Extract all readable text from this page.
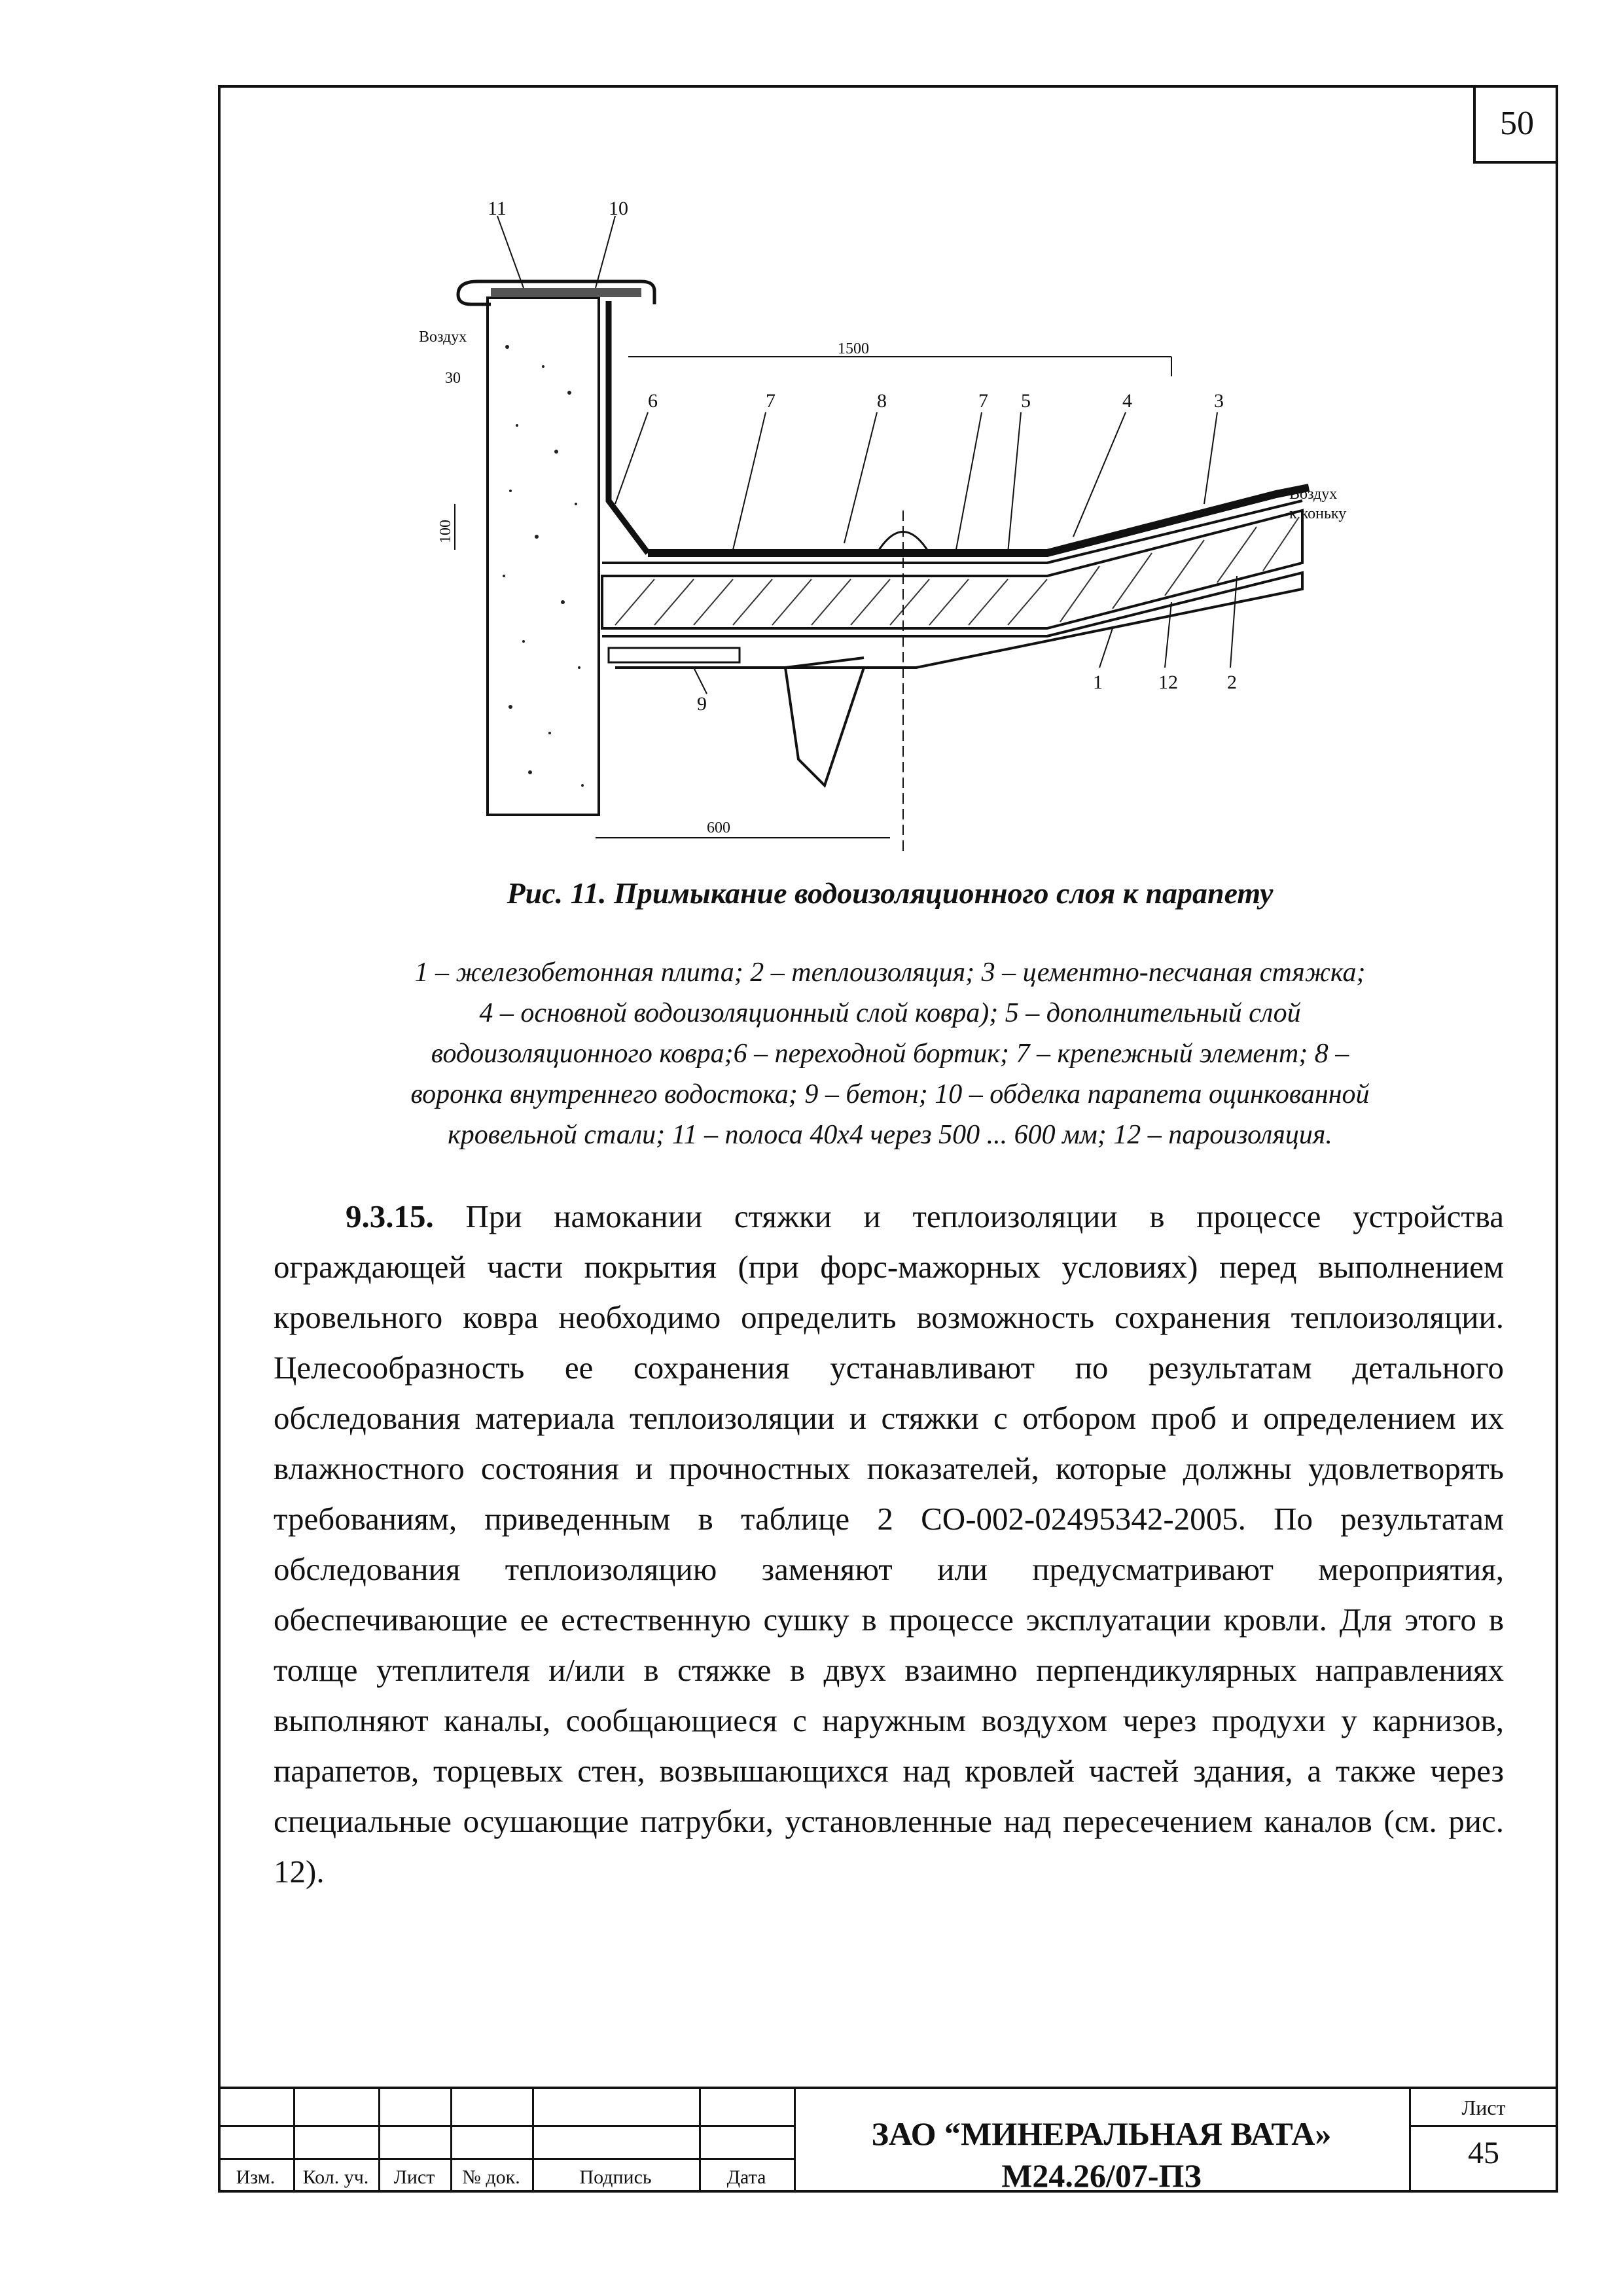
50
11	10
6	7	8	7 5	4	3
1	12	2
9
Воздух
Воздух
к коньку
1500
30
100
600
Рис. 11. Примыкание водоизоляционного слоя к парапету
1 – железобетонная плита; 2 – теплоизоляция; 3 – цементно-песчаная стяжка;
4 – основной водоизоляционный слой ковра); 5 – дополнительный слой
водоизоляционного ковра;6 – переходной бортик; 7 – крепежный элемент; 8 –
воронка внутреннего водостока; 9 – бетон; 10 – обделка парапета оцинкованной
кровельной стали; 11 – полоса 40х4 через 500 ... 600 мм; 12 – пароизоляция.

9.3.15. При намокании стяжки и теплоизоляции в процессе устройства ограждающей части покрытия (при форс-мажорных условиях) перед выполнением кровельного ковра необходимо определить возможность сохранения теплоизоляции. Целесообразность ее сохранения устанавливают по результатам детального обследования материала теплоизоляции и стяжки с отбором проб и определением их влажностного состояния и прочностных показателей, которые должны удовлетворять требованиям, приведенным в таблице 2 СО-002-02495342-2005. По результатам обследования теплоизоляцию заменяют или предусматривают мероприятия, обеспечивающие ее естественную сушку в процессе эксплуатации кровли. Для этого в толще утеплителя и/или в стяжке в двух взаимно перпендикулярных направлениях выполняют каналы, сообщающиеся с наружным воздухом через продухи у карнизов, парапетов, торцевых стен, возвышающихся над кровлей частей здания, а также через специальные осушающие патрубки, установленные над пересечением каналов (см. рис. 12).

Изм.	Кол. уч.	Лист	№ док.	Подпись	Дата
ЗАО “МИНЕРАЛЬНАЯ ВАТА»
М24.26/07-ПЗ
Лист
45
